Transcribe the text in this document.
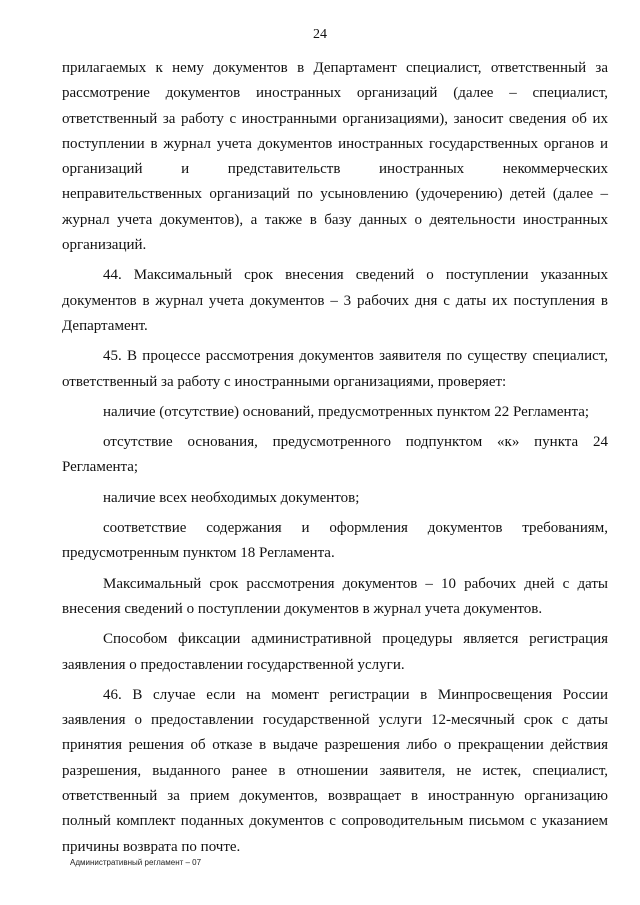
24

прилагаемых к нему документов в Департамент специалист, ответственный за рассмотрение документов иностранных организаций (далее – специалист, ответственный за работу с иностранными организациями), заносит сведения об их поступлении в журнал учета документов иностранных государственных органов и организаций и представительств иностранных некоммерческих неправительственных организаций по усыновлению (удочерению) детей (далее – журнал учета документов), а также в базу данных о деятельности иностранных организаций.

44. Максимальный срок внесения сведений о поступлении указанных документов в журнал учета документов – 3 рабочих дня с даты их поступления в Департамент.

45. В процессе рассмотрения документов заявителя по существу специалист, ответственный за работу с иностранными организациями, проверяет:

наличие (отсутствие) оснований, предусмотренных пунктом 22 Регламента;

отсутствие основания, предусмотренного подпунктом «к» пункта 24 Регламента;

наличие всех необходимых документов;

соответствие содержания и оформления документов требованиям, предусмотренным пунктом 18 Регламента.

Максимальный срок рассмотрения документов – 10 рабочих дней с даты внесения сведений о поступлении документов в журнал учета документов.

Способом фиксации административной процедуры является регистрация заявления о предоставлении государственной услуги.

46. В случае если на момент регистрации в Минпросвещения России заявления о предоставлении государственной услуги 12-месячный срок с даты принятия решения об отказе в выдаче разрешения либо о прекращении действия разрешения, выданного ранее в отношении заявителя, не истек, специалист, ответственный за прием документов, возвращает в иностранную организацию полный комплект поданных документов с сопроводительным письмом с указанием причины возврата по почте.

Административный регламент – 07
